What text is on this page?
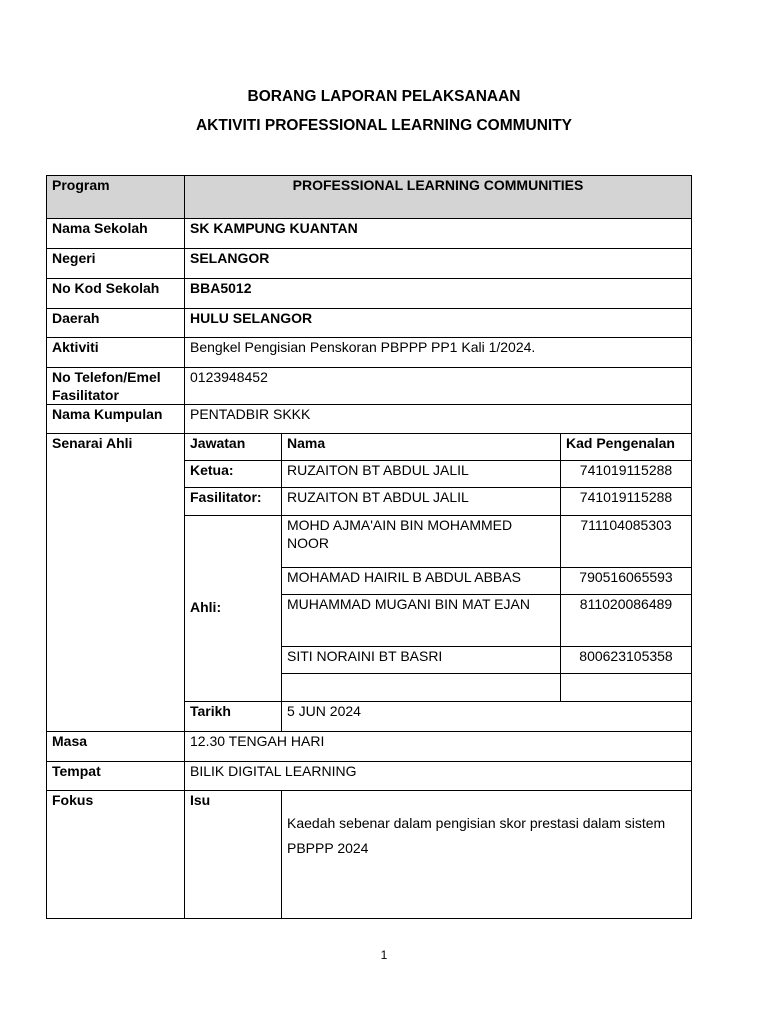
BORANG LAPORAN PELAKSANAAN
AKTIVITI PROFESSIONAL LEARNING COMMUNITY
Program	PROFESSIONAL LEARNING COMMUNITIES		
Nama Sekolah	SK KAMPUNG KUANTAN		
Negeri	SELANGOR		
No Kod Sekolah	BBA5012		
Daerah	HULU SELANGOR		
Aktiviti	Bengkel Pengisian Penskoran PBPPP PP1 Kali 1/2024.		

No Telefon/Emel
Fasilitator	0123948452		
Nama Kumpulan	PENTADBIR SKKK		
Senarai Ahli	Jawatan	Nama	Kad Pengenalan
	Ketua:	RUZAITON BT ABDUL JALIL	741019115288
	Fasilitator:	RUZAITON BT ABDUL JALIL	741019115288

	Ahli:	MOHD AJMA'AIN BIN MOHAMMED NOOR	711104085303
		MOHAMAD HAIRIL B ABDUL ABBAS	790516065593
		MUHAMMAD MUGANI BIN MAT EJAN	811020086489
		SITI NORAINI BT BASRI	800623105358

	Tarikh	5 JUN 2024	
Masa	12.30 TENGAH HARI		
Tempat	BILIK DIGITAL LEARNING		
Fokus	Isu	Kaedah sebenar dalam pengisian skor prestasi dalam sistem PBPPP 2024	
1
